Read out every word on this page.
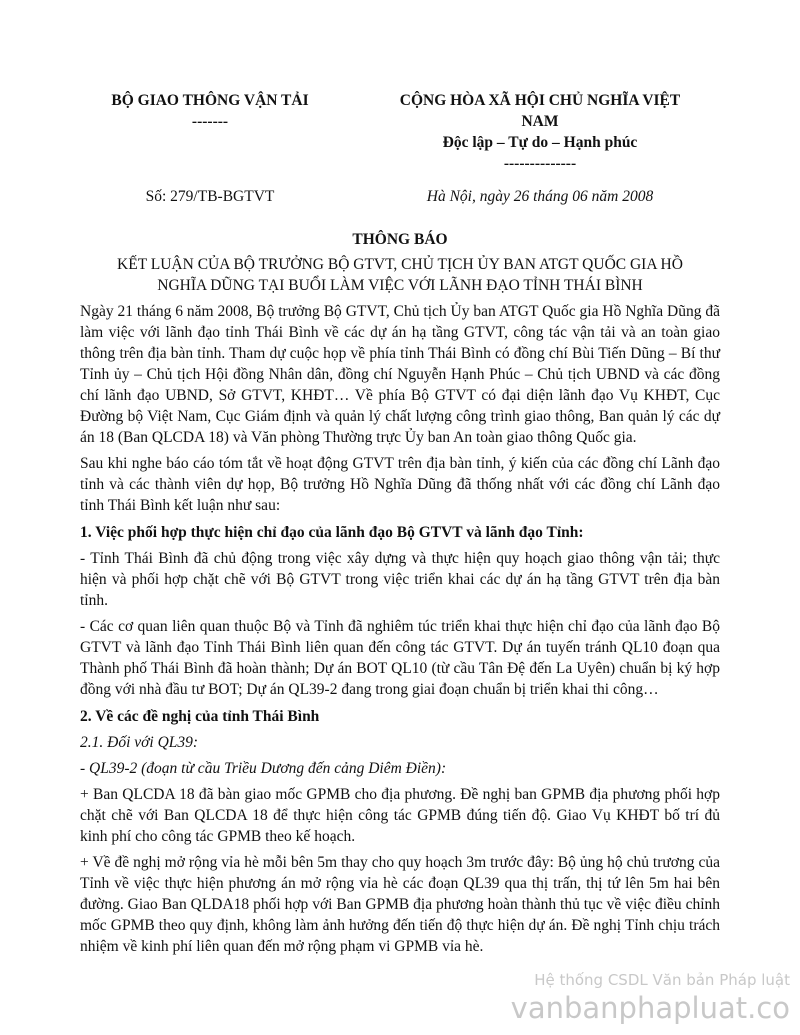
BỘ GIAO THÔNG VẬN TẢI
-------
CỘNG HÒA XÃ HỘI CHỦ NGHĨA VIỆT
NAM
Độc lập – Tự do – Hạnh phúc
--------------
Số: 279/TB-BGTVT	Hà Nội, ngày 26 tháng 06 năm 2008
THÔNG BÁO
KẾT LUẬN CỦA BỘ TRƯỞNG BỘ GTVT, CHỦ TỊCH ỦY BAN ATGT QUỐC GIA HỒ NGHĨA DŨNG TẠI BUỔI LÀM VIỆC VỚI LÃNH ĐẠO TỈNH THÁI BÌNH

Ngày 21 tháng 6 năm 2008, Bộ trưởng Bộ GTVT, Chủ tịch Ủy ban ATGT Quốc gia Hồ Nghĩa Dũng đã làm việc với lãnh đạo tỉnh Thái Bình về các dự án hạ tầng GTVT, công tác vận tải và an toàn giao thông trên địa bàn tỉnh. Tham dự cuộc họp về phía tỉnh Thái Bình có đồng chí Bùi Tiến Dũng – Bí thư Tỉnh ủy – Chủ tịch Hội đồng Nhân dân, đồng chí Nguyễn Hạnh Phúc – Chủ tịch UBND và các đồng chí lãnh đạo UBND, Sở GTVT, KHĐT… Về phía Bộ GTVT có đại diện lãnh đạo Vụ KHĐT, Cục Đường bộ Việt Nam, Cục Giám định và quản lý chất lượng công trình giao thông, Ban quản lý các dự án 18 (Ban QLCDA 18) và Văn phòng Thường trực Ủy ban An toàn giao thông Quốc gia.

Sau khi nghe báo cáo tóm tắt về hoạt động GTVT trên địa bàn tỉnh, ý kiến của các đồng chí Lãnh đạo tỉnh và các thành viên dự họp, Bộ trưởng Hồ Nghĩa Dũng đã thống nhất với các đồng chí Lãnh đạo tỉnh Thái Bình kết luận như sau:

1. Việc phối hợp thực hiện chỉ đạo của lãnh đạo Bộ GTVT và lãnh đạo Tỉnh:

- Tỉnh Thái Bình đã chủ động trong việc xây dựng và thực hiện quy hoạch giao thông vận tải; thực hiện và phối hợp chặt chẽ với Bộ GTVT trong việc triển khai các dự án hạ tầng GTVT trên địa bàn tỉnh.

- Các cơ quan liên quan thuộc Bộ và Tỉnh đã nghiêm túc triển khai thực hiện chỉ đạo của lãnh đạo Bộ GTVT và lãnh đạo Tỉnh Thái Bình liên quan đến công tác GTVT. Dự án tuyến tránh QL10 đoạn qua Thành phố Thái Bình đã hoàn thành; Dự án BOT QL10 (từ cầu Tân Đệ đến La Uyên) chuẩn bị ký hợp đồng với nhà đầu tư BOT; Dự án QL39-2 đang trong giai đoạn chuẩn bị triển khai thi công…

2. Về các đề nghị của tỉnh Thái Bình

2.1. Đối với QL39:

- QL39-2 (đoạn từ cầu Triều Dương đến cảng Diêm Điền):

+ Ban QLCDA 18 đã bàn giao mốc GPMB cho địa phương. Đề nghị ban GPMB địa phương phối hợp chặt chẽ với Ban QLCDA 18 để thực hiện công tác GPMB đúng tiến độ. Giao Vụ KHĐT bố trí đủ kinh phí cho công tác GPMB theo kế hoạch.

+ Về đề nghị mở rộng vỉa hè mỗi bên 5m thay cho quy hoạch 3m trước đây: Bộ ủng hộ chủ trương của Tỉnh về việc thực hiện phương án mở rộng vỉa hè các đoạn QL39 qua thị trấn, thị tứ lên 5m hai bên đường. Giao Ban QLDA18 phối hợp với Ban GPMB địa phương hoàn thành thủ tục về việc điều chỉnh mốc GPMB theo quy định, không làm ảnh hưởng đến tiến độ thực hiện dự án. Đề nghị Tỉnh chịu trách nhiệm về kinh phí liên quan đến mở rộng phạm vi GPMB vỉa hè.

Hệ thống CSDL Văn bản Pháp luật
vanbanphapluat.co
